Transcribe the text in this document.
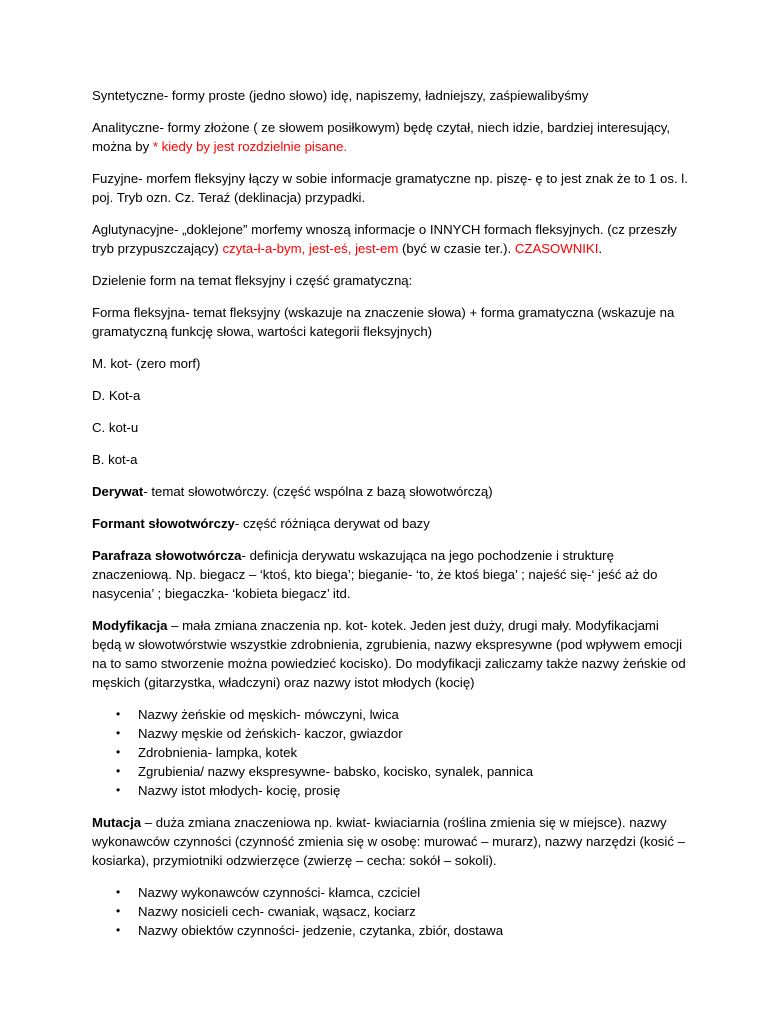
Syntetyczne- formy proste (jedno słowo) idę, napiszemy, ładniejszy, zaśpiewalibyśmy

Analityczne- formy złożone ( ze słowem posiłkowym) będę czytał, niech idzie, bardziej interesujący, można by * kiedy by jest rozdzielnie pisane.

Fuzyjne- morfem fleksyjny łączy w sobie informacje gramatyczne np. piszę- ę to jest znak że to 1 os. l. poj. Tryb ozn. Cz. Teraź (deklinacja) przypadki.

Aglutynacyjne- „doklejone” morfemy wnoszą informacje o INNYCH formach fleksyjnych. (cz przeszły tryb przypuszczający) czyta-ł-a-bym, jest-eś, jest-em (być w czasie ter.). CZASOWNIKI.

Dzielenie form na temat fleksyjny i część gramatyczną:

Forma fleksyjna- temat fleksyjny (wskazuje na znaczenie słowa) + forma gramatyczna (wskazuje na gramatyczną funkcję słowa, wartości kategorii fleksyjnych)

M. kot- (zero morf)

D. Kot-a

C. kot-u

B. kot-a

Derywat- temat słowotwórczy. (część wspólna z bazą słowotwórczą)

Formant słowotwórczy- część różniąca derywat od bazy

Parafraza słowotwórcza- definicja derywatu wskazująca na jego pochodzenie i strukturę znaczeniową. Np. biegacz – ‘ktoś, kto biega’; bieganie- ‘to, że ktoś biega’ ; najeść się-‘ jeść aż do nasycenia’ ; biegaczka- ‘kobieta biegacz’ itd.

Modyfikacja – mała zmiana znaczenia np. kot- kotek. Jeden jest duży, drugi mały. Modyfikacjami będą w słowotwórstwie wszystkie zdrobnienia, zgrubienia, nazwy ekspresywne (pod wpływem emocji na to samo stworzenie można powiedzieć kocisko). Do modyfikacji zaliczamy także nazwy żeńskie od męskich (gitarzystka, władczyni) oraz nazwy istot młodych (kocię)

• Nazwy żeńskie od męskich- mówczyni, lwica
• Nazwy męskie od żeńskich- kaczor, gwiazdor
• Zdrobnienia- lampka, kotek
• Zgrubienia/ nazwy ekspresywne- babsko, kocisko, synalek, pannica
• Nazwy istot młodych- kocię, prosię

Mutacja – duża zmiana znaczeniowa np. kwiat- kwiaciarnia (roślina zmienia się w miejsce). nazwy wykonawców czynności (czynność zmienia się w osobę: murować – murarz), nazwy narzędzi (kosić – kosiarka), przymiotniki odzwierzęce (zwierzę – cecha: sokół – sokoli).

• Nazwy wykonawców czynności- kłamca, czciciel
• Nazwy nosicieli cech- cwaniak, wąsacz, kociarz
• Nazwy obiektów czynności- jedzenie, czytanka, zbiór, dostawa
